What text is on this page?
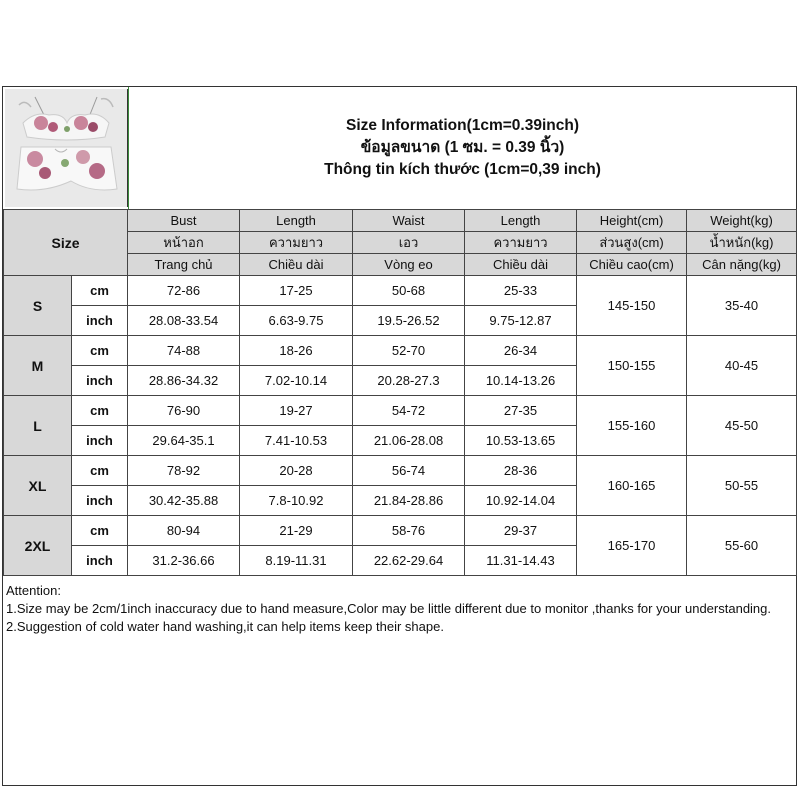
Size Information(1cm=0.39inch)
ข้อมูลขนาด (1 ซม. = 0.39 นิ้ว)
Thông tin kích thước (1cm=0,39 inch)
Size		Bust	Length	Waist	Length	Height(cm)	Weight(kg)
		หน้าอก	ความยาว	เอว	ความยาว	ส่วนสูง(cm)	น้ำหนัก(kg)
		Trang chủ	Chiều dài	Vòng eo	Chiều dài	Chiều cao(cm)	Cân nặng(kg)
S	cm	72-86	17-25	50-68	25-33	145-150	35-40
	inch	28.08-33.54	6.63-9.75	19.5-26.52	9.75-12.87		
M	cm	74-88	18-26	52-70	26-34	150-155	40-45
	inch	28.86-34.32	7.02-10.14	20.28-27.3	10.14-13.26		
L	cm	76-90	19-27	54-72	27-35	155-160	45-50
	inch	29.64-35.1	7.41-10.53	21.06-28.08	10.53-13.65		
XL	cm	78-92	20-28	56-74	28-36	160-165	50-55
	inch	30.42-35.88	7.8-10.92	21.84-28.86	10.92-14.04		
2XL	cm	80-94	21-29	58-76	29-37	165-170	55-60
	inch	31.2-36.66	8.19-11.31	22.62-29.64	11.31-14.43		
Attention:
1.Size may be 2cm/1inch inaccuracy due to hand measure,Color may be little different due to monitor ,thanks for your understanding.
2.Suggestion of cold water hand washing,it can help items keep their shape.
